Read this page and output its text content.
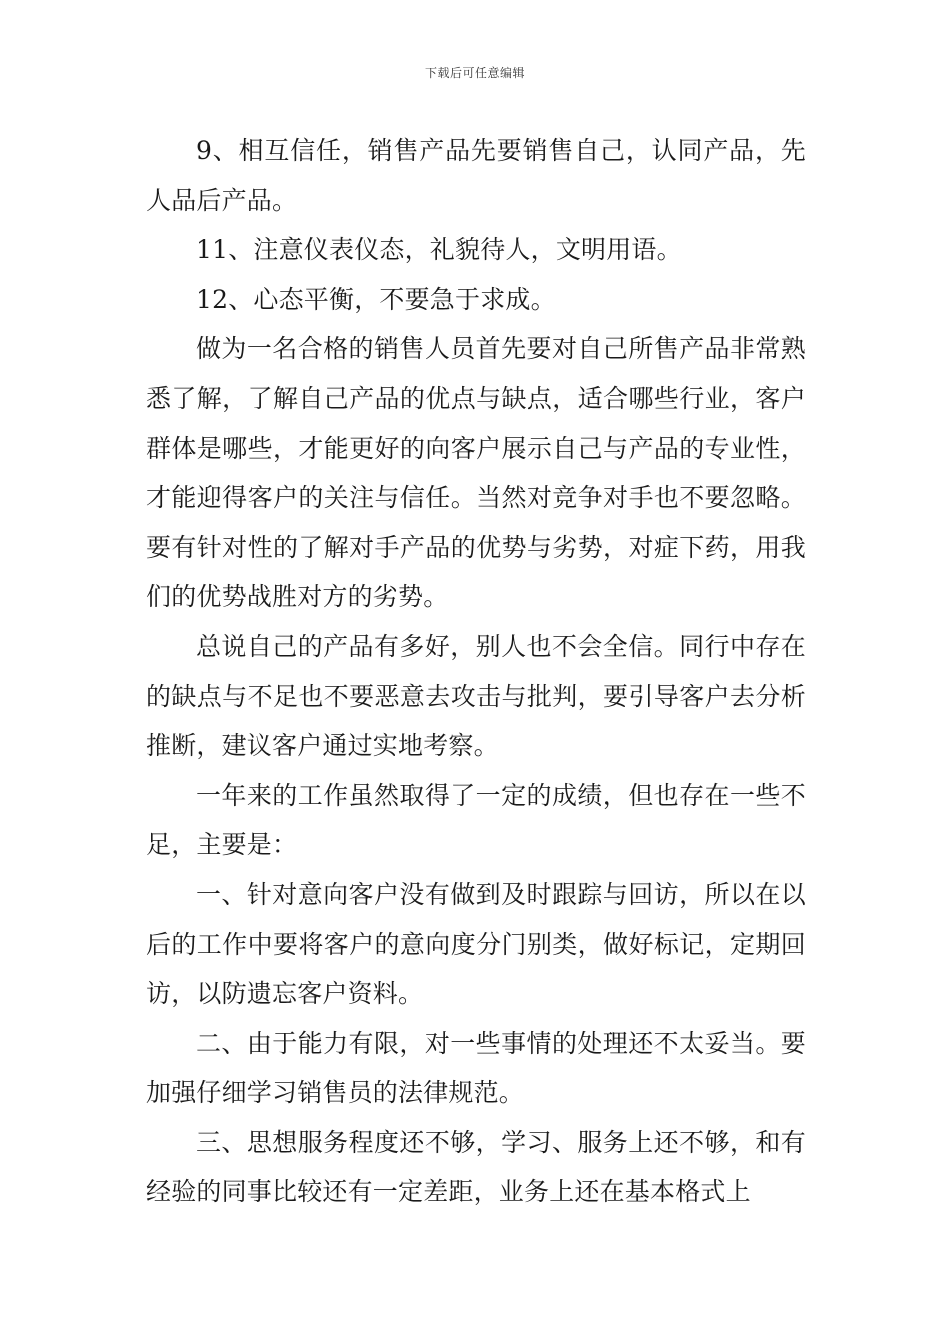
下载后可任意编辑

9、相互信任，销售产品先要销售自己，认同产品，先人品后产品。

11、注意仪表仪态，礼貌待人，文明用语。

12、心态平衡，不要急于求成。

做为一名合格的销售人员首先要对自己所售产品非常熟悉了解，了解自己产品的优点与缺点，适合哪些行业，客户群体是哪些，才能更好的向客户展示自己与产品的专业性，才能迎得客户的关注与信任。当然对竞争对手也不要忽略。要有针对性的了解对手产品的优势与劣势，对症下药，用我们的优势战胜对方的劣势。

总说自己的产品有多好，别人也不会全信。同行中存在的缺点与不足也不要恶意去攻击与批判，要引导客户去分析推断，建议客户通过实地考察。

一年来的工作虽然取得了一定的成绩，但也存在一些不足，主要是：

一、针对意向客户没有做到及时跟踪与回访，所以在以后的工作中要将客户的意向度分门别类，做好标记，定期回访，以防遗忘客户资料。

二、由于能力有限，对一些事情的处理还不太妥当。要加强仔细学习销售员的法律规范。

三、思想服务程度还不够，学习、服务上还不够，和有经验的同事比较还有一定差距，业务上还在基本格式上
